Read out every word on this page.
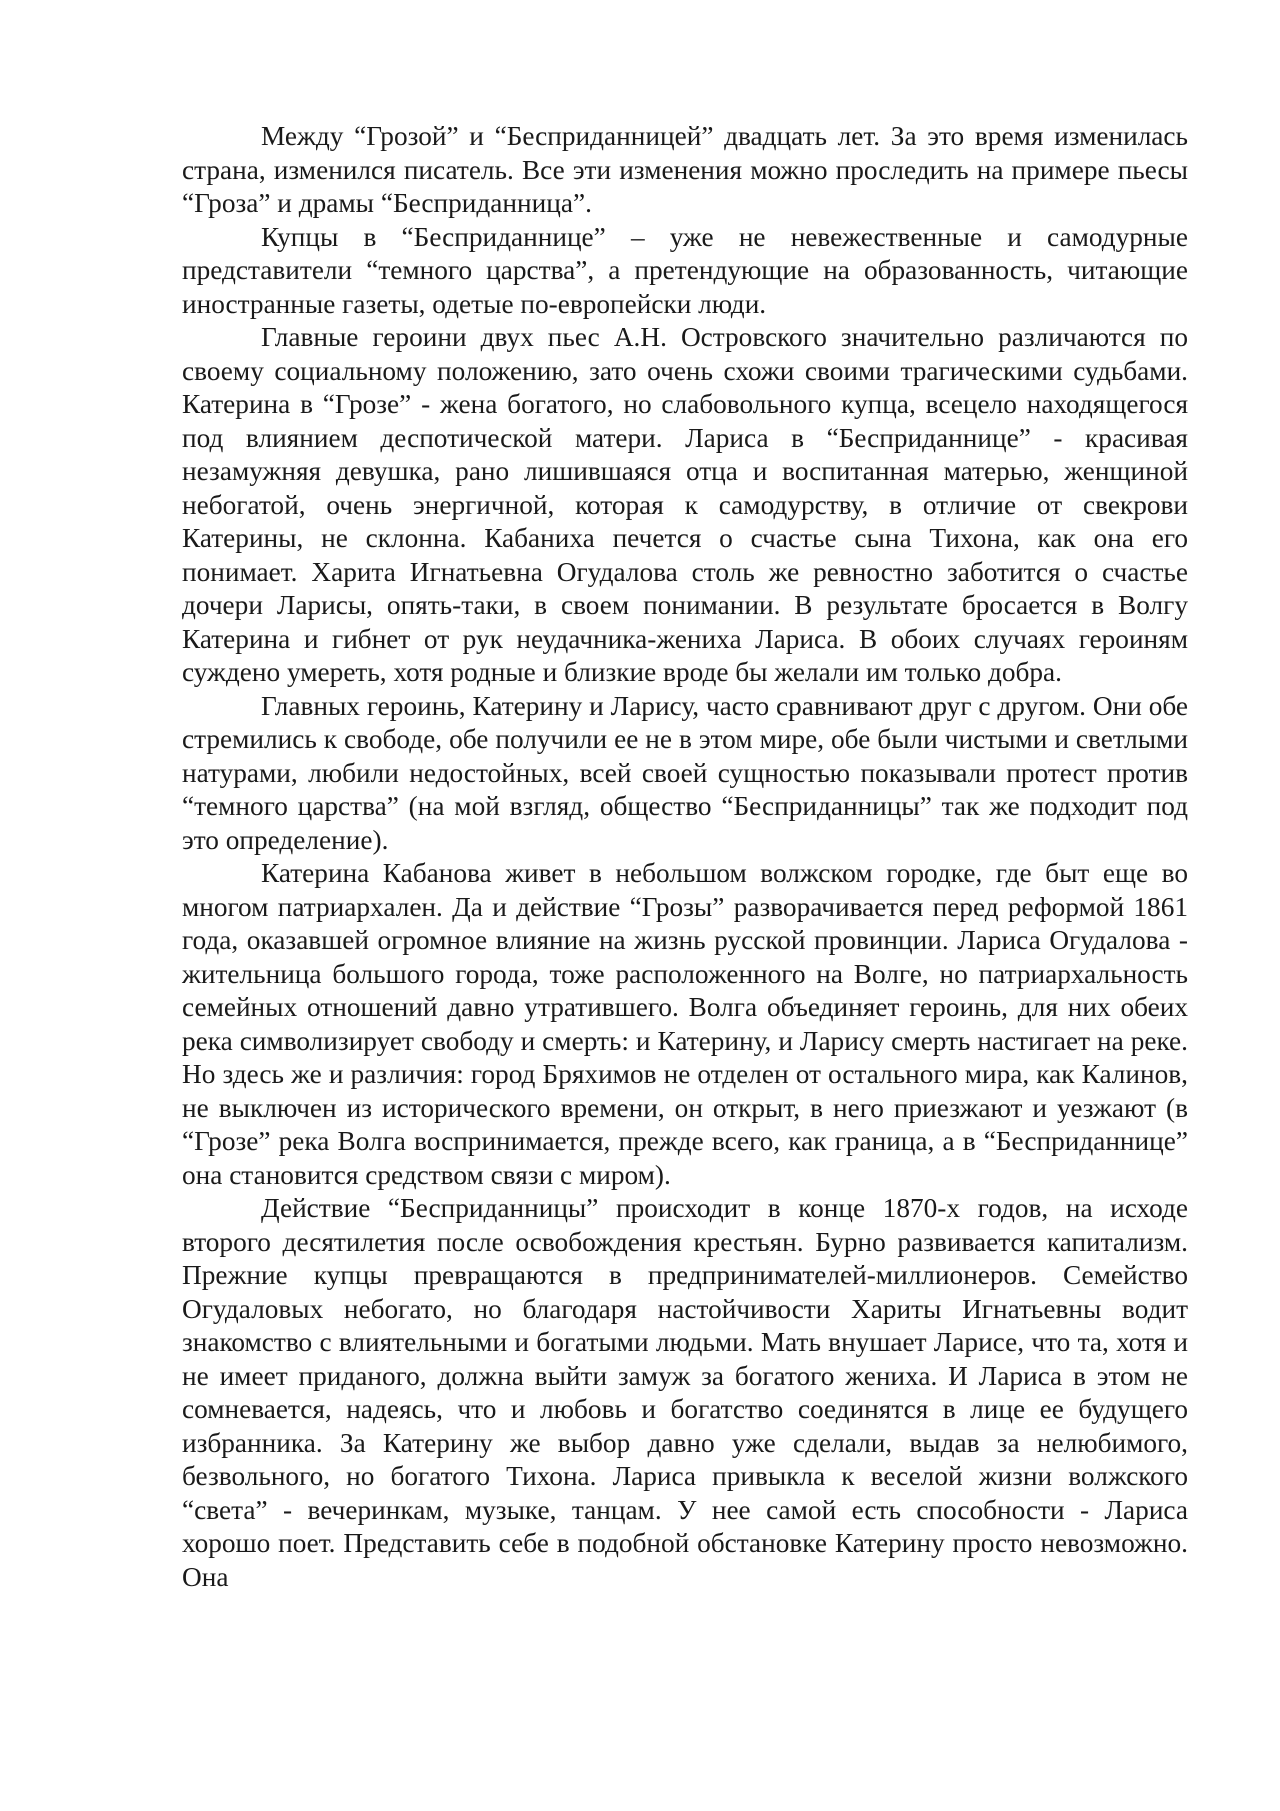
Между “Грозой” и “Бесприданницей” двадцать лет. За это время изменилась страна, изменился писатель. Все эти изменения можно проследить на примере пьесы “Гроза” и драмы “Бесприданница”.

Купцы в “Бесприданнице” – уже не невежественные и самодурные представители “темного царства”, а претендующие на образованность, читающие иностранные газеты, одетые по-европейски люди.

Главные героини двух пьес А.Н. Островского значительно различаются по своему социальному положению, зато очень схожи своими трагическими судьбами. Катерина в “Грозе” - жена богатого, но слабовольного купца, всецело находящегося под влиянием деспотической матери. Лариса в “Бесприданнице” - красивая незамужняя девушка, рано лишившаяся отца и воспитанная матерью, женщиной небогатой, очень энергичной, которая к самодурству, в отличие от свекрови Катерины, не склонна. Кабаниха печется о счастье сына Тихона, как она его понимает. Харита Игнатьевна Огудалова столь же ревностно заботится о счастье дочери Ларисы, опять-таки, в своем понимании. В результате бросается в Волгу Катерина и гибнет от рук неудачника-жениха Лариса. В обоих случаях героиням суждено умереть, хотя родные и близкие вроде бы желали им только добра.

Главных героинь, Катерину и Ларису, часто сравнивают друг с другом. Они обе стремились к свободе, обе получили ее не в этом мире, обе были чистыми и светлыми натурами, любили недостойных, всей своей сущностью показывали протест против “темного царства” (на мой взгляд, общество “Бесприданницы” так же подходит под это определение).

Катерина Кабанова живет в небольшом волжском городке, где быт еще во многом патриархален. Да и действие “Грозы” разворачивается перед реформой 1861 года, оказавшей огромное влияние на жизнь русской провинции. Лариса Огудалова - жительница большого города, тоже расположенного на Волге, но патриархальность семейных отношений давно утратившего. Волга объединяет героинь, для них обеих река символизирует свободу и смерть: и Катерину, и Ларису смерть настигает на реке. Но здесь же и различия: город Бряхимов не отделен от остального мира, как Калинов, не выключен из исторического времени, он открыт, в него приезжают и уезжают (в “Грозе” река Волга воспринимается, прежде всего, как граница, а в “Бесприданнице” она становится средством связи с миром).

Действие “Бесприданницы” происходит в конце 1870-х годов, на исходе второго десятилетия после освобождения крестьян. Бурно развивается капитализм. Прежние купцы превращаются в предпринимателей-миллионеров. Семейство Огудаловых небогато, но благодаря настойчивости Хариты Игнатьевны водит знакомство с влиятельными и богатыми людьми. Мать внушает Ларисе, что та, хотя и не имеет приданого, должна выйти замуж за богатого жениха. И Лариса в этом не сомневается, надеясь, что и любовь и богатство соединятся в лице ее будущего избранника. За Катерину же выбор давно уже сделали, выдав за нелюбимого, безвольного, но богатого Тихона. Лариса привыкла к веселой жизни волжского “света” - вечеринкам, музыке, танцам. У нее самой есть способности - Лариса хорошо поет. Представить себе в подобной обстановке Катерину просто невозможно. Она
